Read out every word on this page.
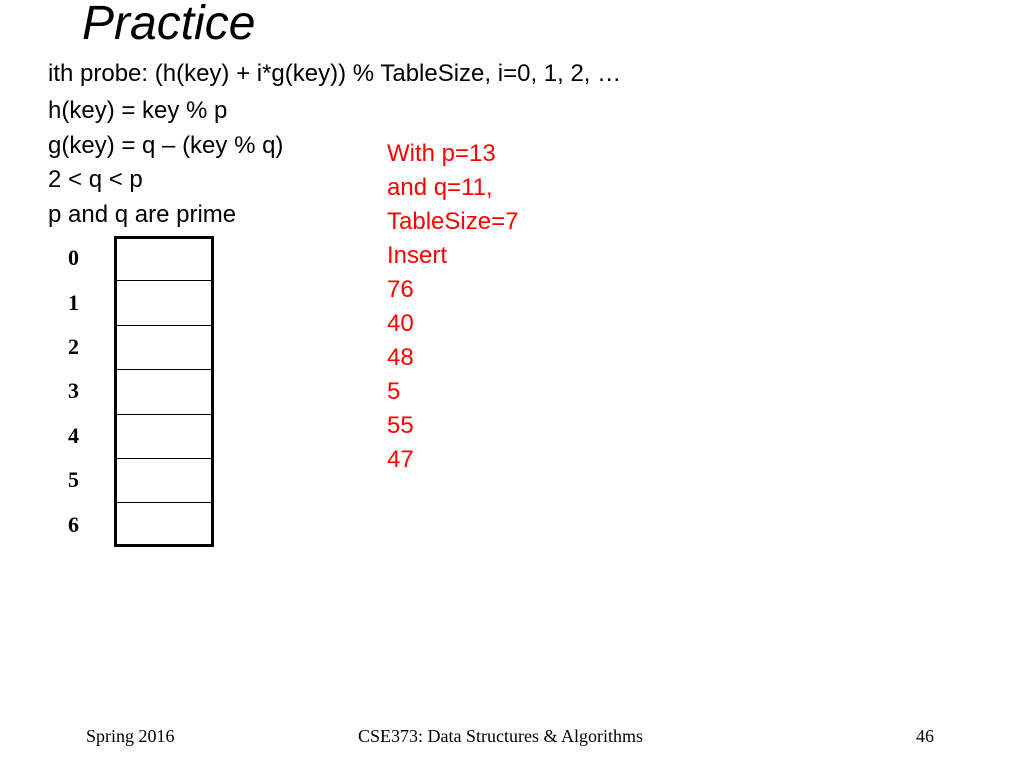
Practice
ith probe: (h(key) + i*g(key)) % TableSize, i=0, 1, 2, …
h(key) = key % p
g(key) = q – (key % q)
2 < q < p
p and q are prime
With p=13
and q=11,
TableSize=7
Insert
76
40
48
5
55
47
0
1
2
3
4
5
6
Spring 2016	CSE373: Data Structures & Algorithms	46
